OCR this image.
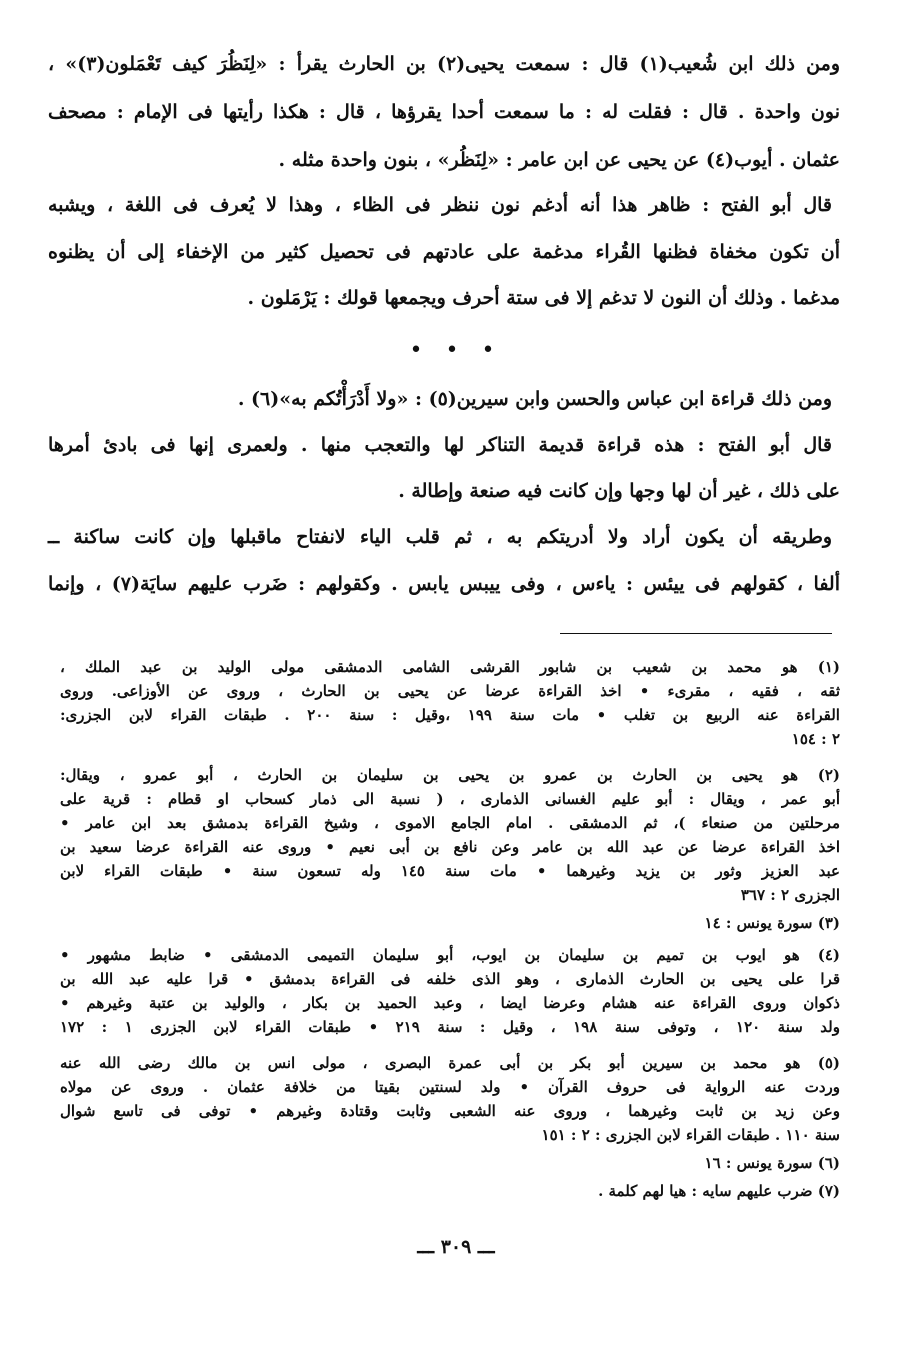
ومن ذلك ابن شُعيب(١) قال : سمعت يحيى(٢) بن الحارث يقرأ : «لِنَظُرَ كيف تَعْمَلون(٣)» ،
نون واحدة . قال : فقلت له : ما سمعت أحدا يقرؤها ، قال : هكذا رأيتها فى الإمام : مصحف
عثمان . أيوب(٤) عن يحيى عن ابن عامر : «لِنَظُر» ، بنون واحدة مثله .
قال أبو الفتح : ظاهر هذا أنه أدغم نون ننظر فى الظاء ، وهذا لا يُعرف فى اللغة ، ويشبه
أن تكون مخفاة فظنها القُراء مدغمة على عادتهم فى تحصيل كثير من الإخفاء إلى أن يظنوه
مدغما . وذلك أن النون لا تدغم إلا فى ستة أحرف ويجمعها قولك : يَرْمَلون .
• • •
ومن ذلك قراءة ابن عباس والحسن وابن سيرين(٥) : «ولا أَدْرَأْتُكم به»(٦) .
قال أبو الفتح : هذه قراءة قديمة التناكر لها والتعجب منها . ولعمرى إنها فى بادئ أمرها
على ذلك ، غير أن لها وجها وإن كانت فيه صنعة وإطالة .
وطريقه أن يكون أراد ولا أدريتكم به ، ثم قلب الياء لانفتاح ماقبلها وإن كانت ساكنة ــ
ألفا ، كقولهم فى ييئس : ياءس ، وفى ييبس يابس . وكقولهم : ضَرب عليهم سايَة(٧) ، وإنما
(١) هو محمد بن شعيب بن شابور القرشى الشامى الدمشقى مولى الوليد بن عبد الملك ،
ثقه ، فقيه ، مقرىء • اخذ القراءة عرضا عن يحيى بن الحارث ، وروى عن الأوزاعى. وروى
القراءة عنه الربيع بن تغلب • مات سنة ١٩٩ ،وقيل : سنة ٢٠٠ . طبقات القراء لابن الجزرى:
٢ : ١٥٤
(٢) هو يحيى بن الحارث بن عمرو بن يحيى بن سليمان بن الحارث ، أبو عمرو ، ويقال:
أبو عمر ، ويقال : أبو عليم الغسانى الذمارى ، ( نسبة الى ذمار كسحاب او قطام : قرية على
مرحلتين من صنعاء )، ثم الدمشقى . امام الجامع الاموى ، وشيخ القراءة بدمشق بعد ابن عامر •
اخذ القراءة عرضا عن عبد الله بن عامر وعن نافع بن أبى نعيم • وروى عنه القراءة عرضا سعيد بن
عبد العزيز وثور بن يزيد وغيرهما • مات سنة ١٤٥ وله تسعون سنة • طبقات القراء لابن
الجزرى ٢ : ٣٦٧
(٣) سورة يونس : ١٤
(٤) هو ايوب بن تميم بن سليمان بن ايوب، أبو سليمان التميمى الدمشقى • ضابط مشهور •
قرا على يحيى بن الحارث الذمارى ، وهو الذى خلفه فى القراءة بدمشق • قرا عليه عبد الله بن
ذكوان وروى القراءة عنه هشام وعرضا ايضا ، وعبد الحميد بن بكار ، والوليد بن عتبة وغيرهم •
ولد سنة ١٢٠ ، وتوفى سنة ١٩٨ ، وقيل : سنة ٢١٩ • طبقات القراء لابن الجزرى ١ : ١٧٢
(٥) هو محمد بن سيرين أبو بكر بن أبى عمرة البصرى ، مولى انس بن مالك رضى الله عنه
وردت عنه الرواية فى حروف القرآن • ولد لسنتين بقيتا من خلافة عثمان . وروى عن مولاه
وعن زيد بن ثابت وغيرهما ، وروى عنه الشعبى وثابت وقتادة وغيرهم • توفى فى تاسع شوال
سنة ١١٠ . طبقات القراء لابن الجزرى : ٢ : ١٥١
(٦) سورة يونس : ١٦
(٧) ضرب عليهم سايه : هيا لهم كلمة .
ـــ ٣٠٩ ـــ
